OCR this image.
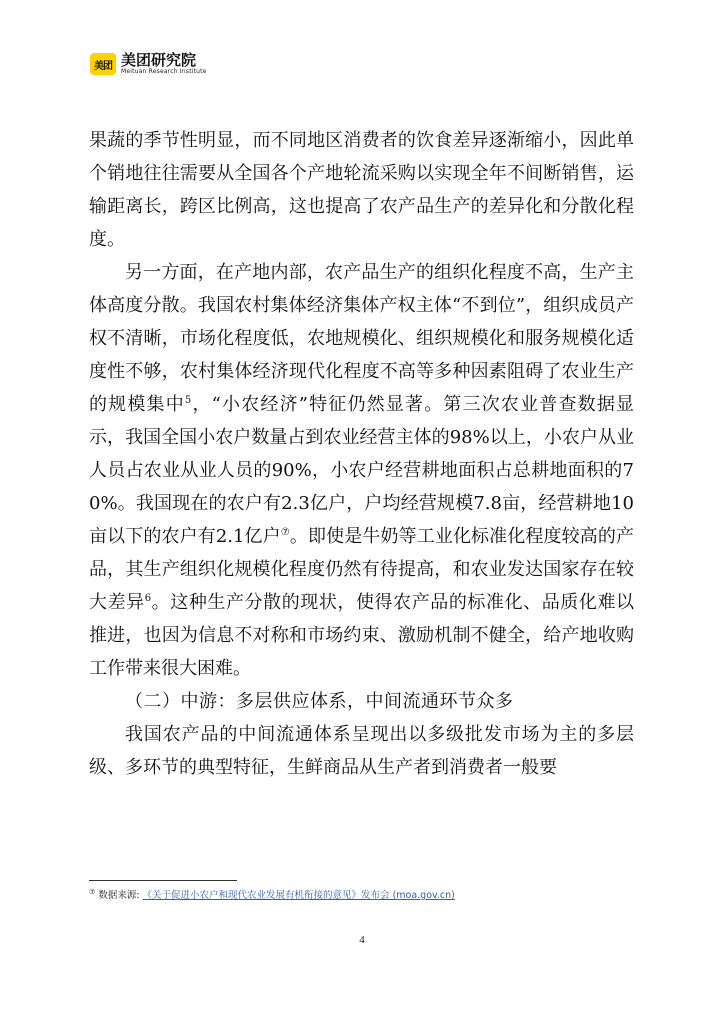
美团 美团研究院
Meituan Research Institute

果蔬的季节性明显，而不同地区消费者的饮食差异逐渐缩小，因此单个销地往往需要从全国各个产地轮流采购以实现全年不间断销售，运输距离长，跨区比例高，这也提高了农产品生产的差异化和分散化程度。

另一方面，在产地内部，农产品生产的组织化程度不高，生产主体高度分散。我国农村集体经济集体产权主体“不到位”，组织成员产权不清晰，市场化程度低，农地规模化、组织规模化和服务规模化适度性不够，农村集体经济现代化程度不高等多种因素阻碍了农业生产的规模集中$^5$，“小农经济”特征仍然显著。第三次农业普查数据显示，我国全国小农户数量占到农业经营主体的98%以上，小农户从业人员占农业从业人员的90%，小农户经营耕地面积占总耕地面积的70%。我国现在的农户有2.3亿户，户均经营规模7.8亩，经营耕地10亩以下的农户有2.1亿户⑦。即使是牛奶等工业化标准化程度较高的产品，其生产组织化规模化程度仍然有待提高，和农业发达国家存在较大差异$^6$。这种生产分散的现状，使得农产品的标准化、品质化难以推进，也因为信息不对称和市场约束、激励机制不健全，给产地收购工作带来很大困难。

（二）中游：多层供应体系，中间流通环节众多

我国农产品的中间流通体系呈现出以多级批发市场为主的多层级、多环节的典型特征，生鲜商品从生产者到消费者一般要

⑦ 数据来源: 《关于促进小农户和现代农业发展有机衔接的意见》发布会 (moa.gov.cn)
4
